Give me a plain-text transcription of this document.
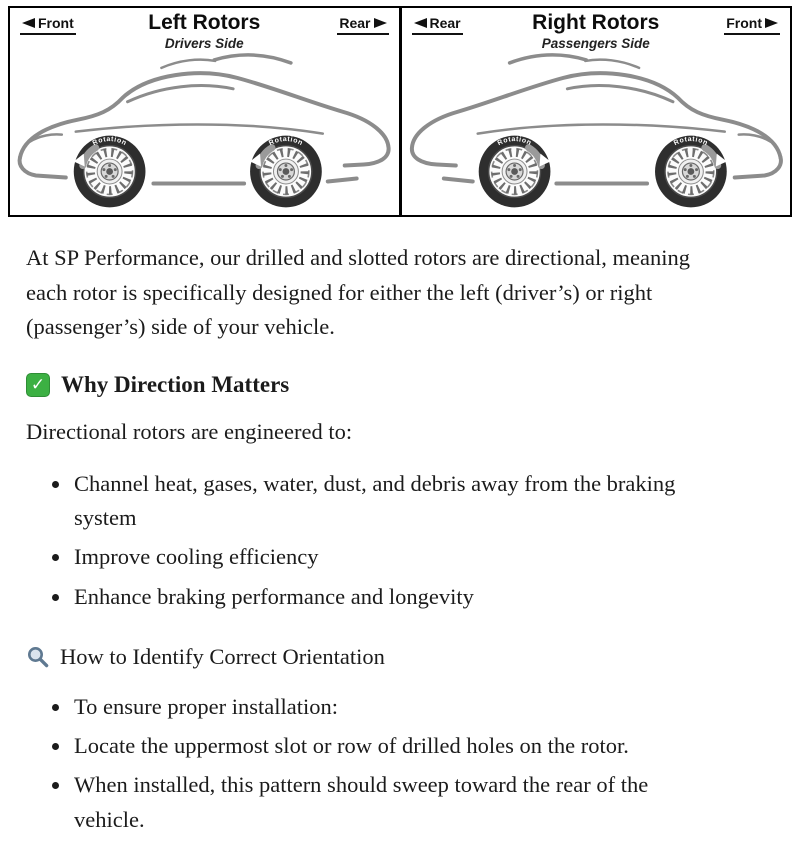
Front	Rear
Left Rotors
Drivers Side
Rotation	Rotation
Rear	Front
Right Rotors
Passengers Side
Rotation
Rotation

At SP Performance, our drilled and slotted rotors are directional, meaning each rotor is specifically designed for either the left (driver’s) or right (passenger’s) side of your vehicle.

✓ Why Direction Matters

Directional rotors are engineered to:

• Channel heat, gases, water, dust, and debris away from the braking system
• Improve cooling efficiency
• Enhance braking performance and longevity
How to Identify Correct Orientation
• To ensure proper installation:
• Locate the uppermost slot or row of drilled holes on the rotor.
• When installed, this pattern should sweep toward the rear of the vehicle.
